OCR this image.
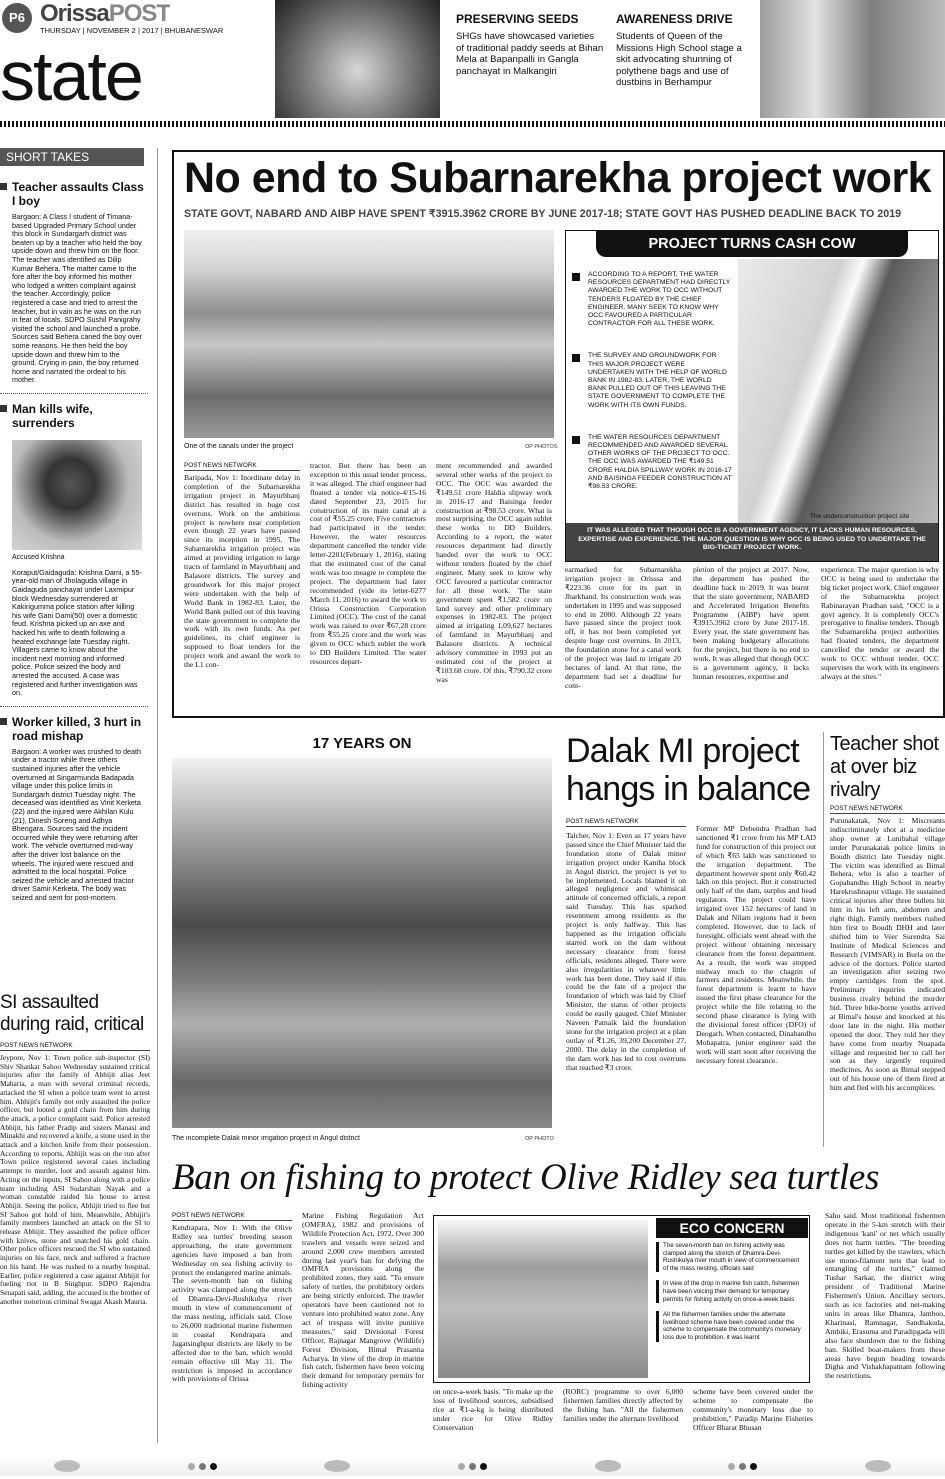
P6 OrissaPOST
THURSDAY | NOVEMBER 2 | 2017 | BHUBANESWAR
state
PRESERVING SEEDS
SHGs have showcased varieties of traditional paddy seeds at Bihan Mela at Bapanpalli in Gangla panchayat in Malkangiri
AWARENESS DRIVE
Students of Queen of the Missions High School stage a skit advocating shunning of polythene bags and use of dustbins in Berhampur
SHORT TAKES
Teacher assaults Class I boy
Bargaon: A Class I student of Timana-based Upgraded Primary School under this block in Sundargarh district was beaten up by a teacher who held the boy upside down and threw him on the floor. The teacher was identified as Dilip Kumar Behera. The matter came to the fore after the boy informed his mother who lodged a written complaint against the teacher. Accordingly, police registered a case and tried to arrest the teacher, but in vain as he was on the run in fear of locals. SDPO Sushil Panigrahy visited the school and launched a probe. Sources said Behera caned the boy over some reasons. He then held the boy upside down and threw him to the ground. Crying in pain, the boy returned home and narrated the ordeal to his mother.
Man kills wife, surrenders
Accused Krishna
Koraput/Gaidaguda: Krishna Dami, a 55-year-old man of Jholaguda village in Gaidaguda panchayat under Laxmipur block Wednesday surrendered at Kakirigumma police station after killing his wife Gani Dami(50) over a domestic feud. Krishna picked up an axe and hacked his wife to death following a heated exchange late Tuesday night. Villagers came to know about the incident next morning and informed police. Police seized the body and arrested the accused. A case was registered and further investigation was on.
Worker killed, 3 hurt in road mishap
Bargaon: A worker was crushed to death under a tractor while three others sustained injuries after the vehicle overturned at Singarmunda Badapada village under this police limits in Sundargarh district Tuesday night. The deceased was identified as Vinit Kerketa (22) and the injured were Akhilan Kulu (21), Dinesh Soreng and Adhya Bhengara. Sources said the incident occurred while they were returning after work. The vehicle overturned mid-way after the driver lost balance on the wheels. The injured were rescued and admitted to the local hospital. Police seized the vehicle and arrested tractor driver Samir Kerketa. The body was seized and sent for post-mortem.
SI assaulted during raid, critical
POST NEWS NETWORK
Jeypore, Nov 1: Town police sub-inspector (SI) Shiv Shankar Sahoo Wednesday sustained critical injuries after the family of Abhijit alias Jeet Maharia, a man with several criminal records, attacked the SI when a police team went to arrest him. Abhijit's family not only assaulted the police officer, but looted a gold chain from him during the attack, a police complaint said. Police arrested Abhijit, his father Pradip and sisters Manasi and Minakhi and recovered a knife, a stone used in the attack and a kitchen knife from their possession. According to reports, Abhijit was on the run after Town police registered several cases including attempt to murder, loot and assault against him. Acting on the inputs, SI Sahoo along with a police team including ASI Sudarshan Nayak and a woman constable raided his house to arrest Abhijit. Seeing the police, Abhijit tried to flee but SI Sahoo got hold of him. Meanwhile, Abhijit's family members launched an attack on the SI to release Abhijit. They assaulted the police officer with knives, stone and snatched his gold chain. Other police officers rescued the SI who sustained injuries on his face, neck and suffered a fracture on his hand. He was rushed to a nearby hospital. Earlier, police registered a case against Abhijit for fueling riot in B Singhpur. SDPO Rajendra Senapati said, adding, the accused is the brother of another notorious criminal Swagat Akash Mauria.
No end to Subarnarekha project work
STATE GOVT, NABARD AND AIBP HAVE SPENT ₹3915.3962 CRORE BY JUNE 2017-18; STATE GOVT HAS PUSHED DEADLINE BACK TO 2019
One of the canals under the project	OP PHOTOS
POST NEWS NETWORK
Baripada, Nov 1: Inordinate delay in completion of the Subarnarekha irrigation project in Mayurbhanj district has resulted in huge cost overruns. Work on the ambitious project is nowhere near completion even though 22 years have passed since its inception in 1995. The Subarnarekha irrigation project was aimed at providing irrigation to large tracts of farmland in Mayurbhanj and Balasore districts. The survey and groundwork for this major project were undertaken with the help of World Bank in 1982-83. Later, the World Bank pulled out of this leaving the state government to complete the work with its own funds. As per guidelines, its chief engineer is supposed to float tenders for the project work and award the work to the L1 con-
tractor. But there has been an exception to this usual tender process, it was alleged. The chief engineer had floated a tender via notice-4/15-16 dated September 23, 2015 for construction of its main canal at a cost of ₹55.25 crore. Five contractors had participated in the tender. However, the water resources department cancelled the tender vide letter-2201(February 1, 2016), stating that the estimated cost of the canal work was too meagre to complete the project. The department had later recommended (vide its letter-6277 March 11, 2016) to award the work to Orissa Construction Corporation Limited (OCC). The cost of the canal work was raised to over ₹67.28 crore from ₹55.25 crore and the work was given to OCC which sublet the work to DD Builders Limited. The water resources depart-
ment recommended and awarded several other works of the project to OCC. The OCC was awarded the ₹149.51 crore Haldia slipway work in 2016-17 and Baisinga feeder construction at ₹98.53 crore. What is most surprising, the OCC again sublet these works to DD Builders. According to a report, the water resources department had directly handed over the work to OCC without tenders floated by the chief engineer. Many seek to know why OCC favoured a particular contractor for all these work. The state government spent ₹1,582 crore on land survey and other preliminary expenses in 1982-83. The project aimed at irrigating 1,09,627 hectares of farmland in Mayurbhanj and Balasore districts. A technical advisory committee in 1993 put an estimated cost of the project at ₹103.68 crore. Of this, ₹790.32 crore was
PROJECT TURNS CASH COW
ACCORDING TO A REPORT, THE WATER RESOURCES DEPARTMENT HAD DIRECTLY AWARDED THE WORK TO OCC WITHOUT TENDERS FLOATED BY THE CHIEF ENGINEER. MANY SEEK TO KNOW WHY OCC FAVOURED A PARTICULAR CONTRACTOR FOR ALL THESE WORK.
THE SURVEY AND GROUNDWORK FOR THIS MAJOR PROJECT WERE UNDERTAKEN WITH THE HELP OF WORLD BANK IN 1982-83. LATER, THE WORLD BANK PULLED OUT OF THIS LEAVING THE STATE GOVERNMENT TO COMPLETE THE WORK WITH ITS OWN FUNDS.
THE WATER RESOURCES DEPARTMENT RECOMMENDED AND AWARDED SEVERAL OTHER WORKS OF THE PROJECT TO OCC. THE OCC WAS AWARDED THE ₹149.51 CRORE HALDIA SPILLWAY WORK IN 2016-17 AND BAISINGA FEEDER CONSTRUCTION AT ₹98.53 CRORE.
The underconstruction project site
IT WAS ALLEGED THAT THOUGH OCC IS A GOVERNMENT AGENCY, IT LACKS HUMAN RESOURCES, EXPERTISE AND EXPERIENCE. THE MAJOR QUESTION IS WHY OCC IS BEING USED TO UNDERTAKE THE BIG-TICKET PROJECT WORK.
earmarked for Subarnarekha irrigation project in Orisssa and ₹223.36 crore for its part in Jharkhand. Its construction work was undertaken in 1995 and was supposed to end in 2000. Although 22 years have passed since the project took off, it has not been completed yet despite huge cost overruns. In 2013, the foundation stone for a canal work of the project was laid to irrigate 20 hectares of land. At that time, the department had set a deadline for com-
pletion of the project at 2017. Now, the department has pushed the deadline back to 2019. It was learnt that the state government, NABARD and Accelerated Irrigation Benefits Programme (AIBP) have spent ₹3915.3962 crore by June 2017-18. Every year, the state government has been making budgetary allocations for the project, but there is no end to work. It was alleged that though OCC is a government agency, it lacks human resources, expertise and
experience. The major question is why OCC is being used to undertake the big ticket project work. Chief engineer of the Subarnarekha project Rabinarayan Pradhan said, "OCC is a govt agency. It is completely OCC's prerogative to finalise tenders. Though the Subarnarekha project authorities had floated tenders, the department cancelled the tender or award the work to OCC without tender. OCC supervises the work with its engineers always at the sites."
17 YEARS ON
The incomplete Dalak minor irrigation project in Angul district	OP PHOTO
Dalak MI project hangs in balance
POST NEWS NETWORK
Talcher, Nov 1: Even as 17 years have passed since the Chief Minister laid the foundation stone of Dalak minor irrigation project under Kaniha block in Angul district, the project is yet to be implemented. Locals blamed it on alleged negligence and whimsical attitude of concerned officials, a report said Tuesday. This has sparked resentment among residents as the project is only halfway. This has happened as the irrigation officials started work on the dam without necessary clearance from forest officials, residents alleged. There were also irregularities in whatever little work has been done. They said if this could be the fate of a project the foundation of which was laid by Chief Minister, the status of other projects could be easily gauged. Chief Minister Naveen Patnaik laid the foundation stone for the irrigation project at a plan outlay of ₹1.26, 39,200 December 27, 2000. The delay in the completion of the dam work has led to cost overruns that reached ₹3 crore.
Former MP Debendra Pradhan had sanctioned ₹1 crore from his MP LAD fund for construction of this project out of which ₹65 lakh was sanctioned to the irrigation department. The department however spent only ₹60.42 lakh on this project. But it constructed only half of the dam, surplus and head regulators. The project could have irrigated over 152 hectares of land in Dalak and Nilam regions had it been completed. However, due to lack of foresight, officials went ahead with the project without obtaining necessary clearance from the forest department. As a result, the work was stopped midway much to the chagrin of farmers and residents. Meanwhile, the forest department is learnt to have issued the first phase clearance for the project while the file relating to the second phase clearance is lying with the divisional forest officer (DFO) of Deogarh. When contacted, Dinabandhu Mohapatra, junior engineer said the work will start soon after receiving the necessary forest clearance.
Teacher shot at over biz rivalry
POST NEWS NETWORK
Purunakatak, Nov 1: Miscreants indiscriminately shot at a medicine shop owner at Lunibahal village under Purunakatak police limits in Boudh district late Tuesday night. The victim was identified as Bimal Behera, who is also a teacher of Gopabandhu High School in nearby Harekrushnapur village. He sustained critical injuries after three bullets hit him in his left arm, abdomen and right thigh. Family members rushed him first to Boudh DHH and later shifted him to Veer Surendra Sai Institute of Medical Sciences and Research (VIMSAR) in Burla on the advice of the doctors. Police started an investigation after seizing two empty cartridges from the spot. Preliminary inquiries indicated business rivalry behind the murder bid. Three bike-borne youths arrived at Bimal's house and knocked at his door late in the night. His mother opened the door. They told her they have come from nearby Nuapada village and requested her to call her son as they urgently required medicines. As soon as Bimal stepped out of his house one of them fired at him and fled with his accomplices.
Ban on fishing to protect Olive Ridley sea turtles
POST NEWS NETWORK
Kendrapara, Nov 1: With the Olive Ridley sea turtles' breeding season approaching, the state government agencies have imposed a ban from Wednesday on sea fishing activity to protect the endangered marine animals. The seven-month ban on fishing activity was clamped along the stretch of Dhamra-Devi-Rushikulya river mouth in view of commencement of the mass nesting, officials said. Close to 26,000 traditional marine fishermen in coastal Kendrapara and Jagatsinghpur districts are likely to be affected due to the ban, which would remain effective till May 31. The restriction is imposed in accordance with provisions of Orissa
Marine Fishing Regulation Act (OMFRA), 1982 and provisions of Wildlife Protection Act, 1972. Over 300 trawlers and vessels were seized and around 2,000 crew members arrested during last year's ban for defying the OMFRA provisions along the prohibited zones, they said. "To ensure safety of turtles, the prohibitory orders are being strictly enforced. The trawler operators have been cautioned not to venture into prohibited water zone. Any act of trespass will invite punitive measures," said Divisional Forest Officer, Rajnagar Mangrove (Wildlife) Forest Division, Bimal Prasanna Acharya. In view of the drop in marine fish catch, fishermen have been voicing their demand for temporary permits for fishing activity
ECO CONCERN
The seven-month ban on fishing activity was clamped along the stretch of Dhamra-Devi-Rushikulya river mouth in view of commencement of the mass nesting, officials said
In view of the drop in marine fish catch, fishermen have been voicing their demand for temporary permits for fishing activity on once-a-week basis
All the fishermen families under the alternate livelihood scheme have been covered under the scheme to compensate the community's monetary loss due to prohibition, it was learnt
on once-a-week basis. "To make up the loss of livelihood sources, subsidised rice at ₹1-a-kg is being distributed under rice for Olive Ridley Conservation
(RORC) programme to over 6,000 fishermen families directly affected by the fishing ban. "All the fishermen families under the alternate livelihood
scheme have been covered under the scheme to compensate the community's monetary loss due to prohibition," Paradip Marine Fisheries Officer Bharat Bhusan
Sahu said. Most traditional fishermen operate in the 5-km stretch with their indigenous 'kani' or net which usually does not harm turtles. "The breeding turtles get killed by the trawlers, which use mono-filament nets that lead to entangling of the turtles," claimed Tushar Sarkar, the district wing president of Traditional Marine Fishermen's Union. Ancillary sectors, such as ice factories and net-making units in areas like Dhamra, Jamboo, Kharinasi, Ramnagar, Sandhakuda, Ambiki, Erasuma and Paradipgada will also face shutdown due to the fishing ban. Skilled boat-makers from these areas have begun heading towards Digha and Vishakhapatnam following the restrictions.
